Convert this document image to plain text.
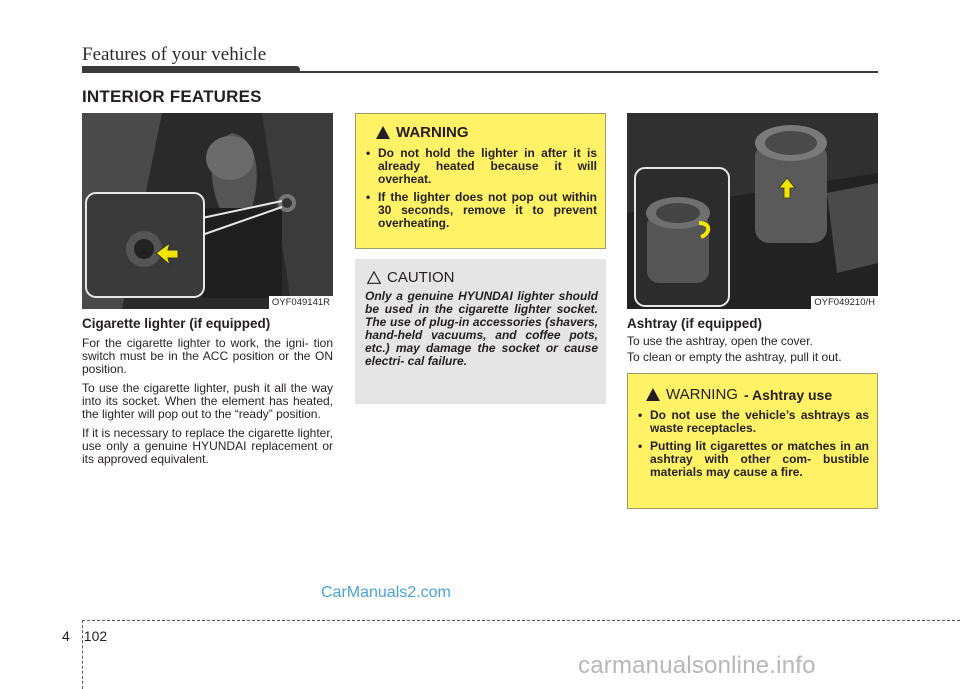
Features of your vehicle
INTERIOR FEATURES
OYF049141R
Cigarette lighter (if equipped)

For the cigarette lighter to work, the igni- tion switch must be in the ACC position or the ON position.

To use the cigarette lighter, push it all the way into its socket. When the element has heated, the lighter will pop out to the “ready” position.

If it is necessary to replace the cigarette lighter, use only a genuine HYUNDAI replacement or its approved equivalent.

WARNING
• Do not hold the lighter in after it is already heated because it will overheat.
• If the lighter does not pop out within 30 seconds, remove it to prevent overheating.
CAUTION
Only a genuine HYUNDAI lighter should be used in the cigarette lighter socket. The use of plug-in accessories (shavers, hand-held vacuums, and coffee pots, etc.) may damage the socket or cause electri- cal failure.
OYF049210/H
Ashtray (if equipped)

To use the ashtray, open the cover.

To clean or empty the ashtray, pull it out.

WARNING - Ashtray use
• Do not use the vehicle’s ashtrays as waste receptacles.
• Putting lit cigarettes or matches in an ashtray with other com- bustible materials may cause a fire.
CarManuals2.com
4 102
carmanualsonline.info
